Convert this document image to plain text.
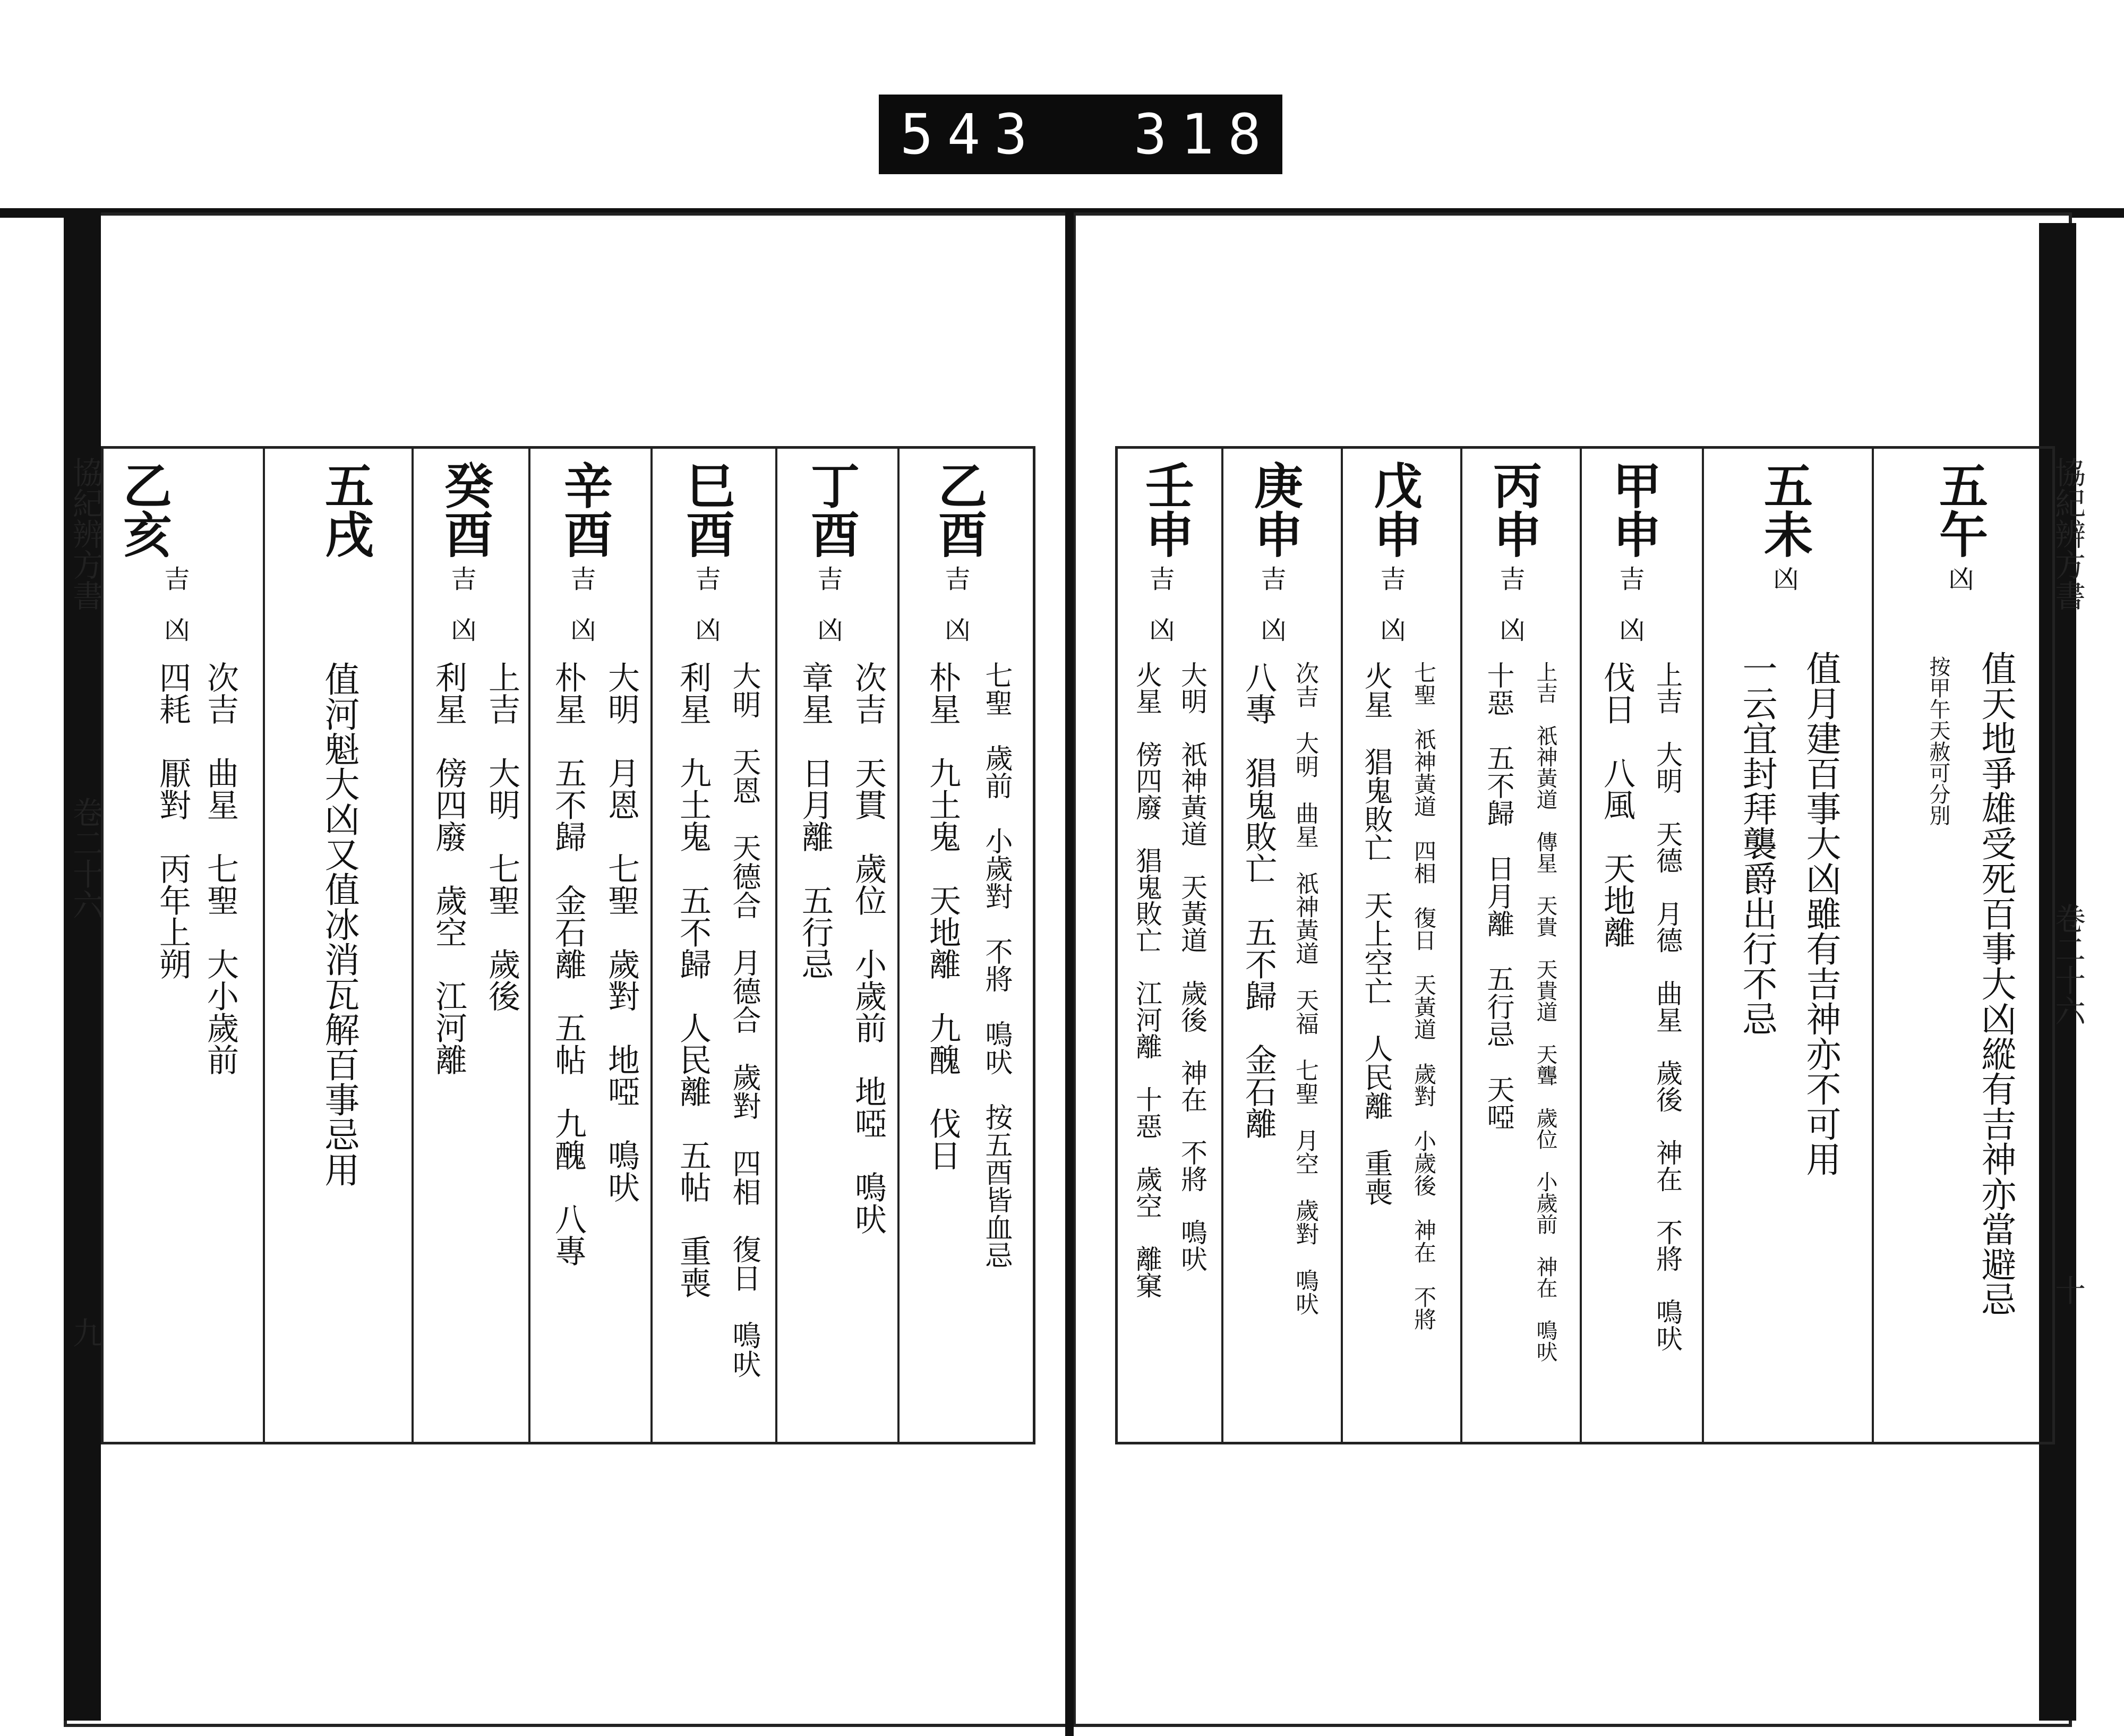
543 318.
協紀辨方書
卷二十六
九
協紀辨方書
卷二十六
十
乙亥
吉　凶
次吉　曲星　七聖　大小歲前
四耗　厭對　丙年上朔
五戌
值河魁大凶又值冰消瓦解百事忌用
癸酉
吉　凶
上吉　大明　七聖　歲後
利星　傍四廢　歲空　江河離
辛酉
吉　凶
大明　月恩　七聖　歲對　地啞　鳴吠
朴星　五不歸　金石離　五帖　九醜　八專
巳酉
吉　凶
大明　天恩　天德合　月德合　歲對　四相　復日　鳴吠
利星　九土鬼　五不歸　人民離　五帖　重喪
丁酉
吉　凶
次吉　天貫　歲位　小歲前　地啞　鳴吠
章星　日月離　五行忌
乙酉
吉　凶
七聖　歲前　小歲對　不將　鳴吠　按五酉皆血忌
朴星　九土鬼　天地離　九醜　伐日
壬申
吉　凶
大明　祇神黃道　天黃道　歲後　神在　不將　鳴吠
火星　傍四廢　猖鬼敗亡　江河離　十惡　歲空　離窠
庚申
吉　凶
次吉　大明　曲星　祇神黃道　天福　七聖　月空　歲對　鳴吠
八專　猖鬼敗亡　五不歸　金石離
戊申
吉　凶
七聖　祇神黃道　四相　復日　天黃道　歲對　小歲後　神在　不將
火星　猖鬼敗亡　天上空亡　人民離　重喪
丙申
吉　凶
上吉　祇神黃道　傳星　天貴　天貴道　天聾　歲位　小歲前　神在　鳴吠
十惡　五不歸　日月離　五行忌　天啞
甲申
吉　凶
上吉　大明　天德　月德　曲星　歲後　神在　不將　鳴吠
伐日　八風　天地離
五未
凶
值月建百事大凶雖有吉神亦不可用
一云宜封拜襲爵出行不忌
五午
凶
值天地爭雄受死百事大凶縱有吉神亦當避忌
按甲午天赦可分別
